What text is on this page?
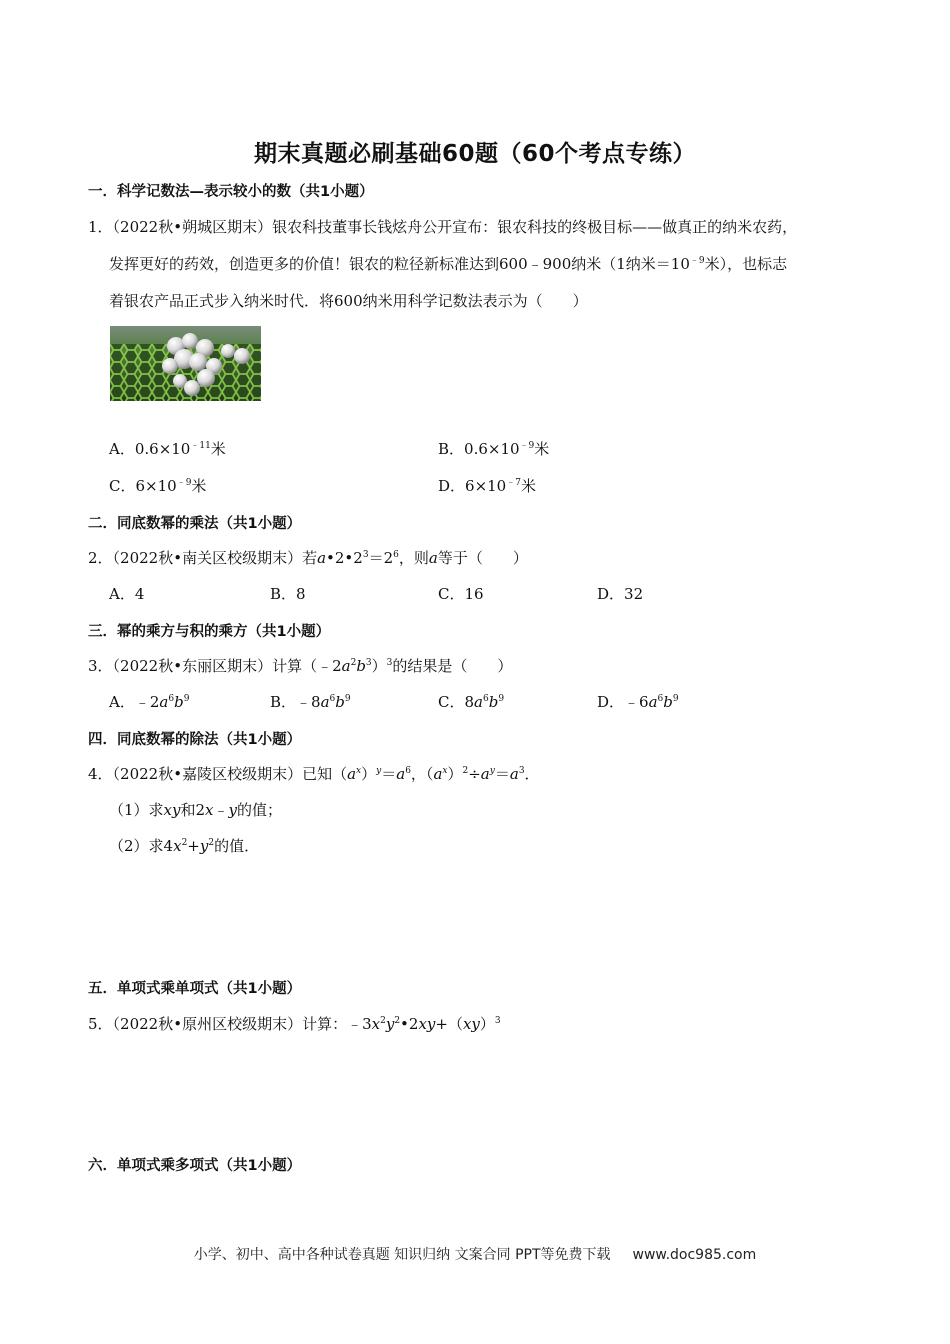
期末真题必刷基础60题（60个考点专练）
一．科学记数法—表示较小的数（共1小题）
1．（2022秋•朔城区期末）银农科技董事长钱炫舟公开宣布：银农科技的终极目标——做真正的纳米农药，
发挥更好的药效，创造更多的价值！银农的粒径新标准达到600﹣900纳米（1纳米$=10^{﹣9}$米），也标志
着银农产品正式步入纳米时代．将600纳米用科学记数法表示为（　　）
A．$0.6\times 10^{﹣11}$米	B．$0.6\times 10^{﹣9}$米
C．$6\times 10^{﹣9}$米	D．$6\times 10^{﹣7}$米
二．同底数幂的乘法（共1小题）
2．（2022秋•南关区校级期末）若$a•2•2^3=2^6$，则a等于（　　）
A．4	B．8	C．16	D．32
三．幂的乘方与积的乘方（共1小题）
3．（2022秋•东丽区期末）计算$(﹣2a^2b^3)^3$的结果是（　　）
A．$﹣2a^6b^9$	B．$﹣8a^6b^9$	C．$8a^6b^9$	D．$﹣6a^6b^9$
四．同底数幂的除法（共1小题）
4．（2022秋•嘉陵区校级期末）已知$(a^x)^y=a^6$，$(a^x)^2\div a^y=a^3$．
（1）求xy和2x﹣y的值；
（2）求$4x^2+y^2$的值．
五．单项式乘单项式（共1小题）
5．（2022秋•原州区校级期末）计算：$﹣3x^2y^2•2xy+(xy)^3$
六．单项式乘多项式（共1小题）
小学、初中、高中各种试卷真题 知识归纳 文案合同 PPT等免费下载 www.doc985.com
